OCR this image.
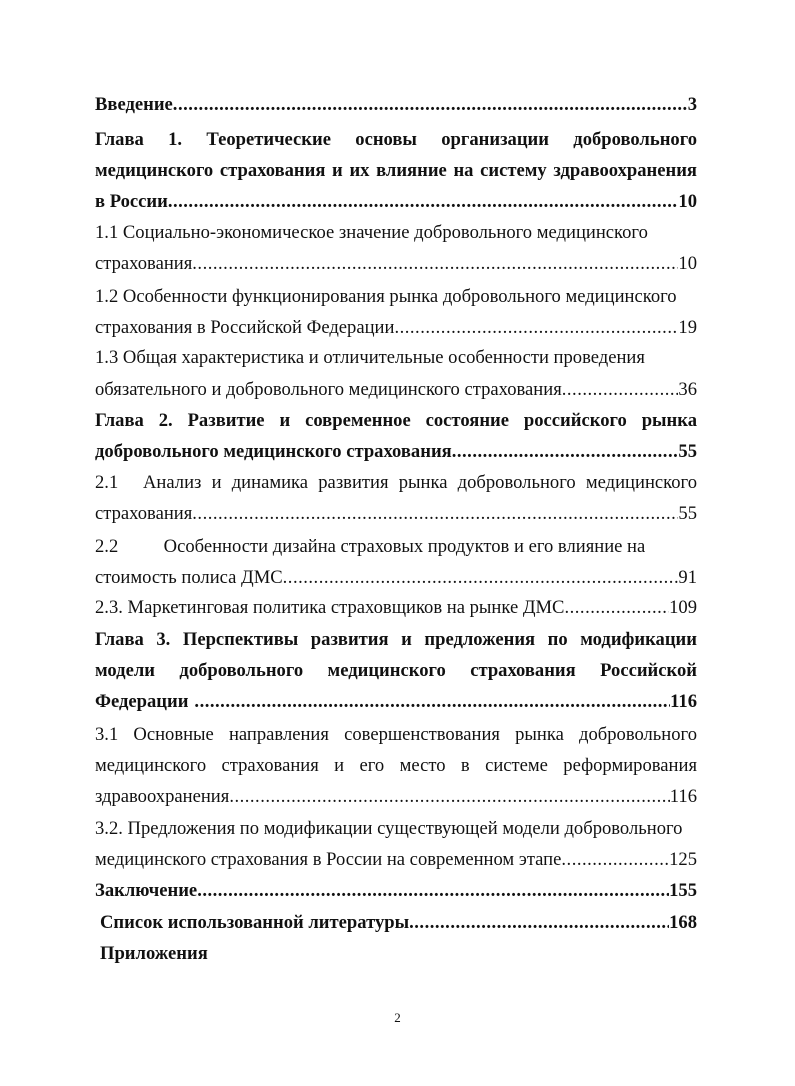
Введение .....	3
Глава 1. Теоретические основы организации добровольного
медицинского страхования и их влияние на систему здравоохранения
в России .....	10
1.1 Социально-экономическое значение добровольного медицинского
страхования .....	10
1.2 Особенности функционирования рынка добровольного медицинского
страхования в Российской Федерации .....	19
1.3 Общая характеристика и отличительные особенности проведения
обязательного и добровольного медицинского страхования .....	36
Глава 2. Развитие и современное состояние российского рынка
добровольного медицинского страхования .....	55
2.1	Анализ и динамика развития рынка добровольного медицинского
страхования .....	55
2.2 Особенности дизайна страховых продуктов и его влияние на
стоимость полиса ДМС .....	91
2.3. Маркетинговая политика страховщиков на рынке ДМС .....	109
Глава 3. Перспективы развития и предложения по модификации
модели добровольного медицинского страхования Российской
Федерации .....	116
3.1 Основные направления совершенствования рынка добровольного
медицинского страхования и его место в системе реформирования
здравоохранения .....	116
3.2. Предложения по модификации существующей модели добровольного
медицинского страхования в России на современном этапе .....	125
Заключение .....	155
Список использованной литературы .....	168
Приложения
2
